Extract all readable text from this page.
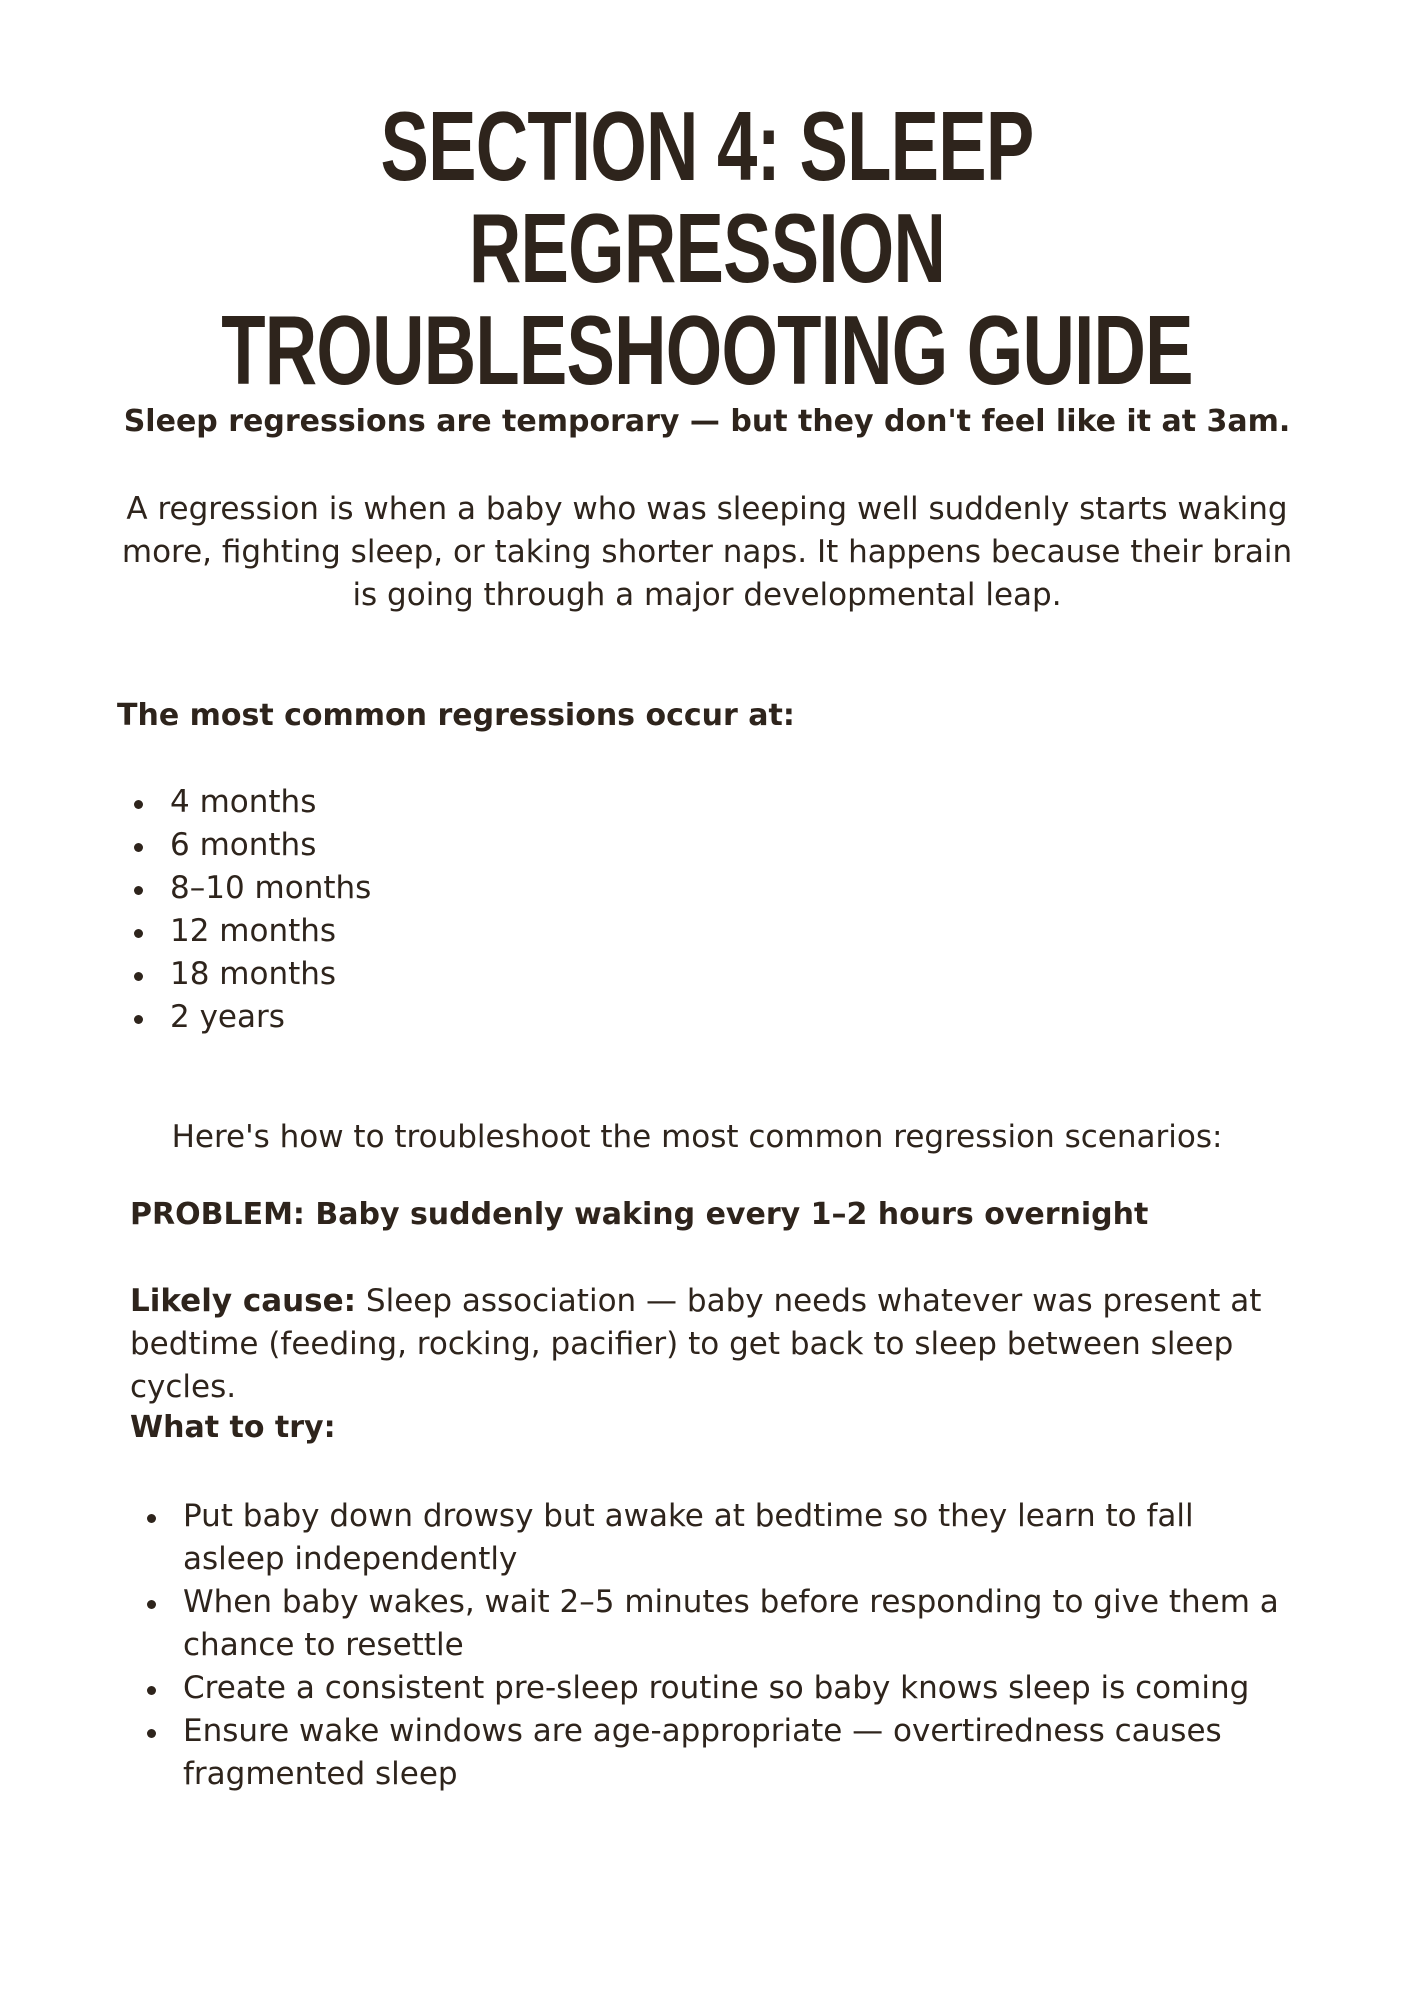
SECTION 4: SLEEP REGRESSION
TROUBLESHOOTING GUIDE

Sleep regressions are temporary — but they don't feel like it at 3am.

A regression is when a baby who was sleeping well suddenly starts waking more, fighting sleep, or taking shorter naps. It happens because their brain is going through a major developmental leap.

The most common regressions occur at:

4 months
6 months
8–10 months
12 months
18 months
2 years

Here's how to troubleshoot the most common regression scenarios:

PROBLEM: Baby suddenly waking every 1–2 hours overnight

Likely cause: Sleep association — baby needs whatever was present at bedtime (feeding, rocking, pacifier) to get back to sleep between sleep cycles.

What to try:

Put baby down drowsy but awake at bedtime so they learn to fall asleep independently
When baby wakes, wait 2–5 minutes before responding to give them a chance to resettle
Create a consistent pre-sleep routine so baby knows sleep is coming
Ensure wake windows are age-appropriate — overtiredness causes fragmented sleep
